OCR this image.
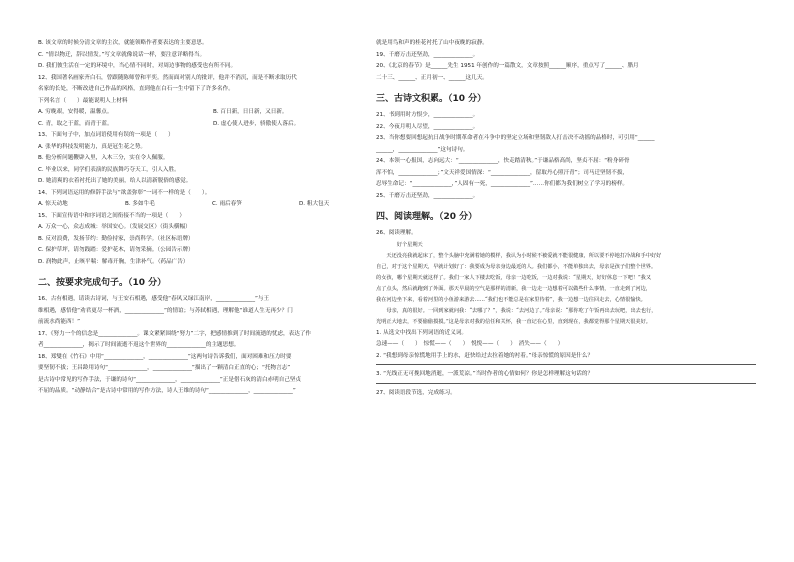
B. 该文章的时候分清文章的主次，就能领略作者要表达的主要意思。
C. “情以物迁，辞以情发。”写文章就像说话一样，要注意详略得当。
D. 我们彼生活在一定的环境中，当心情不同时，对周边事物的感受也有所不同。
12、我国著名画家齐白石，曾跟随陈师曾和平奕。然而面对别人的批评，他并不消沉，而是不断求取历代
名家的长处，不断改进自己作品的风格，直到他在白石一生中留下了许多名作。
下列名言（　　）最能说明人上材料
A. 穷晚艰，安得暖，温馨点。	B. 百日新，日日新，又日新。
C. 青，取之于蓝，而青于蓝。	D. 虚心使人进步，骄傲使人落后。
13、下面句子中，加点词语使用有误的一项是（　　）
A. 张华的科技发明能力，真是冠生花之势。
B. 他分析问题鞭辟入里，入木三分，实在令人佩服。
C. 毕业以来，同学们表演的民族舞巧夺天工，引人入胜。
D. 她清爽的衣着衬托出了她的美丽，给人以清新脱俗的感觉。
14、下列词语运用的修辞手法与“欲盖弥彰”一词不一样的是（　　）。
A. 惊天动地	B. 多如牛毛	C. 雨后春笋	D. 粗大包天
15、下面宣传语中和序词语之间衔接不当的一项是（　　）
A. 万众一心，众志成城：举国安心。（发展交区）（街头横幅）
B. 反对浪费，发扬节约：勤俭持家，崇尚科学。（社区标语牌）
C. 保护草坪，请勿践踏：爱护花木，请勿采摘。（公园告示牌）
D. 润物此声，止咳平喘：解毒开胸，生津补气。（药品广告）
二、按要求完成句子。（10 分）
16、古有相遇，请读古诗词，与王安石相遇，感受他“春风又绿江南岸，______________”与王
维相遇，感悟他“劝君更尽一杯酒，______________”的情谊；与苏轼相遇，理解他“谁道人生无再少？门
前流水尚能西！”
17、《努力一个的信念是______________。课文紧紧围绕“努力”二字，把感情推到了时间流逝的忧虑，表达了作
者______________，揭示了时间流逝不返这个世界的______________的主题思想。
18、郑燮在《竹石》中用“______________，______________”这两句诗告诉我们，面对困难和压力时要
要坚韧不拔；王昌龄用诗句“______________，______________”描出了一颗清白正直的心；“托物言志”
是古诗中常见的写作手法，于谦的诗句“______________，______________”正是借石灰的清白赤明自己坚贞
不屈的品质。“动静结合”是古诗中常用的写作方法，诗人王维的诗句“______________，______________”
就是用鸟和声的桂花衬托了山中夜晚的寂静。
19、千磨万击还坚劲，______________。
20、《北京的春节》是______先生 1951 年创作的一篇散文，文章按照______顺序，重点写了______、腊月
二十三、______、正月初一、______这几天。
三、古诗文积累。（10 分）
21、书到用时方恨少，______________。
22、今夜月明人尽望，______________。
23、当你想要回想起抗日战争时期革命者在斗争中的坚定立场和坚韧敌人打击决不动摇的品格时，可引用“______
______，______________”这句诗句。
24、本领一心报国，志向远大：“______________，快走踏清秋。”于谦品格高尚，坚贞不屈：“粉身碎骨
浑不怕，______________；”文天祥爱国情深：“______________，留取丹心照汗青”；司马迁坚韧不拔，
忍辱生命记：“______________，”人固有一死，______________”……你们都为我们树立了学习的榜样。
25、千磨万击还坚劲，______________。
四、阅读理解。（20 分）
26、阅读理解。
　　　　好个星期天
　　天还没亮我就起床了，整个头脑中充满着她的模样，我认为小时候不被爱就不能很健康，所以要不停地打冷战和手中好好
自己，对于这个星期天，早就计划好了：我要成为母亲身边最近的人。我们都小，不能单独出去，母亲是孩子们整个世界。
的女孩，哪个星期天就这样了。我们一家人下楼去吃饭，母亲一边吃饭，一边对我说：“星期天，好好休息一下吧！”我又
点了点头，然后就跑到了外面。那天早晨的空气是那样的清新，我一边走一边想着可以做些什么事情，一直走到了河边，
我在河边坐下来，看着河里的小鱼游来游去……“我们也不能总是在家里待着”，我一边想一边往回走去，心情很愉快。
　　母亲，真的很好。一回到家就问我：“去哪了？”，我说：“去河边了。”母亲说：“那你吃了午饭再出去玩吧，出去也行，
光明正大地去，不要偷偷摸摸。”这是母亲对我的信任和关怀，我一直记在心里，直到现在，我都觉得那个星期天很美好。
1. 从选文中找出下列词语的近义词。
急速——（　　）　惊慌——（　　）　悦悦——（　　）　消失——（　　）
2. “我想到母亲惊慌地用手上的水，赶快给过去拉着她的衬着。”母亲惊慌的原因是什么？
3. “光线正无可挽回地消逝，一派荒凉。”当时作者的心情如何？你是怎样理解这句话的？
27、阅读语段节选，完成练习。
